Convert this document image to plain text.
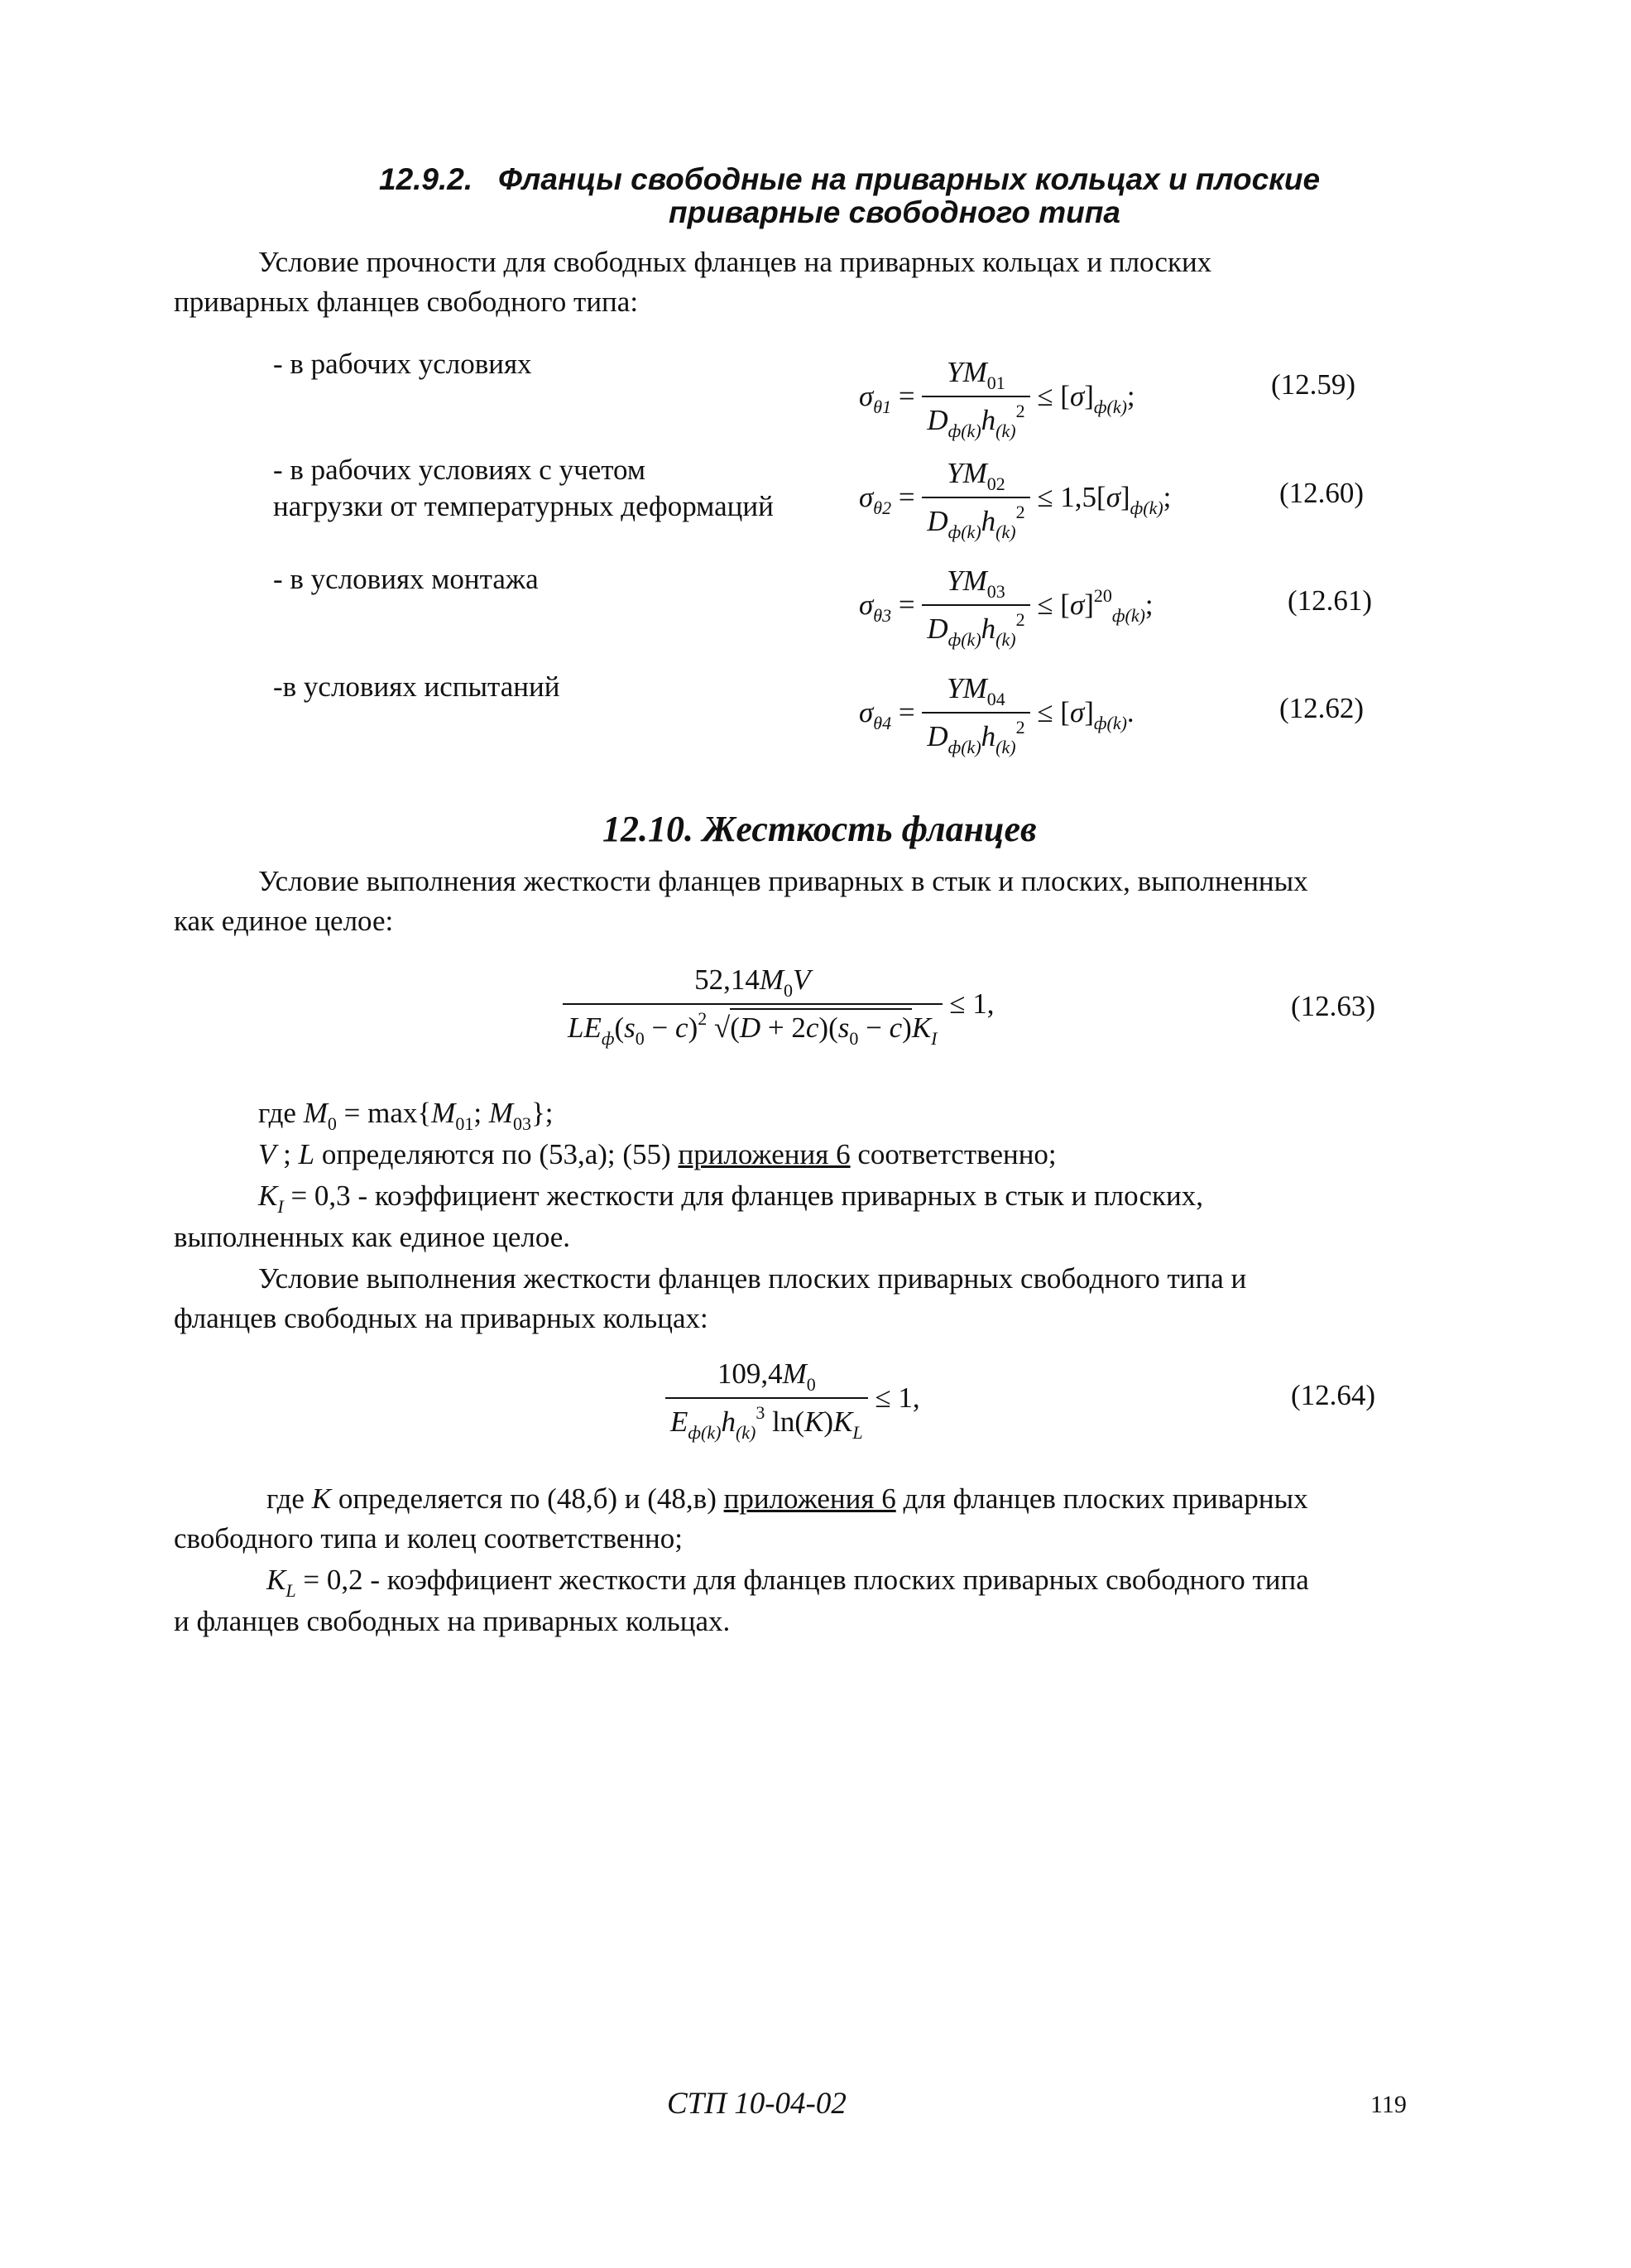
12.9.2. Фланцы свободные на приварных кольцах и плоские
приварные свободного типа
Условие прочности для свободных фланцев на приварных кольцах и плоских
приварных фланцев свободного типа:
- в рабочих условиях
$\sigma_{\theta 1} = \frac{YM_{01}}{D_{ф(k)}h_{(k)}^2} \le [\sigma]_{ф(k)}$;	(12.59)
- в рабочих условиях с учетом
нагрузки от температурных деформаций	$\sigma_{\theta 2} = \frac{YM_{02}}{D_{ф(k)}h_{(k)}^2} \le 1,5[\sigma]_{ф(k)}$;	(12.60)
- в условиях монтажа
$\sigma_{\theta 3} = \frac{YM_{03}}{D_{ф(k)}h_{(k)}^2} \le [\sigma]^{20}_{ф(k)}$;	(12.61)
-в условиях испытаний
$\sigma_{\theta 4} = \frac{YM_{04}}{D_{ф(k)}h_{(k)}^2} \le [\sigma]_{ф(k)}$.	(12.62)
12.10. Жесткость фланцев
Условие выполнения жесткости фланцев приварных в стык и плоских, выполненных
как единое целое:
$\frac{52,14M_0V}{LE_ф(s_0 - c)^2 √(D + 2c)(s_0 - c)K_I} \le 1$,	(12.63)
где $M_0 = \max\{M_{01}$; $M_{03}$};
V ; L определяются по (53,а); (55) приложения 6 соответственно;
$K_I = 0,3$ - коэффициент жесткости для фланцев приварных в стык и плоских,
выполненных как единое целое.
Условие выполнения жесткости фланцев плоских приварных свободного типа и
фланцев свободных на приварных кольцах:
$\frac{109,4M_0}{E_{ф(k)}h_{(k)}^3 \ln(K)K_L} \le 1$,	(12.64)
где K определяется по (48,б) и (48,в) приложения 6 для фланцев плоских приварных
свободного типа и колец соответственно;
$K_L = 0,2$ - коэффициент жесткости для фланцев плоских приварных свободного типа
и фланцев свободных на приварных кольцах.
СТП 10-04-02	119
